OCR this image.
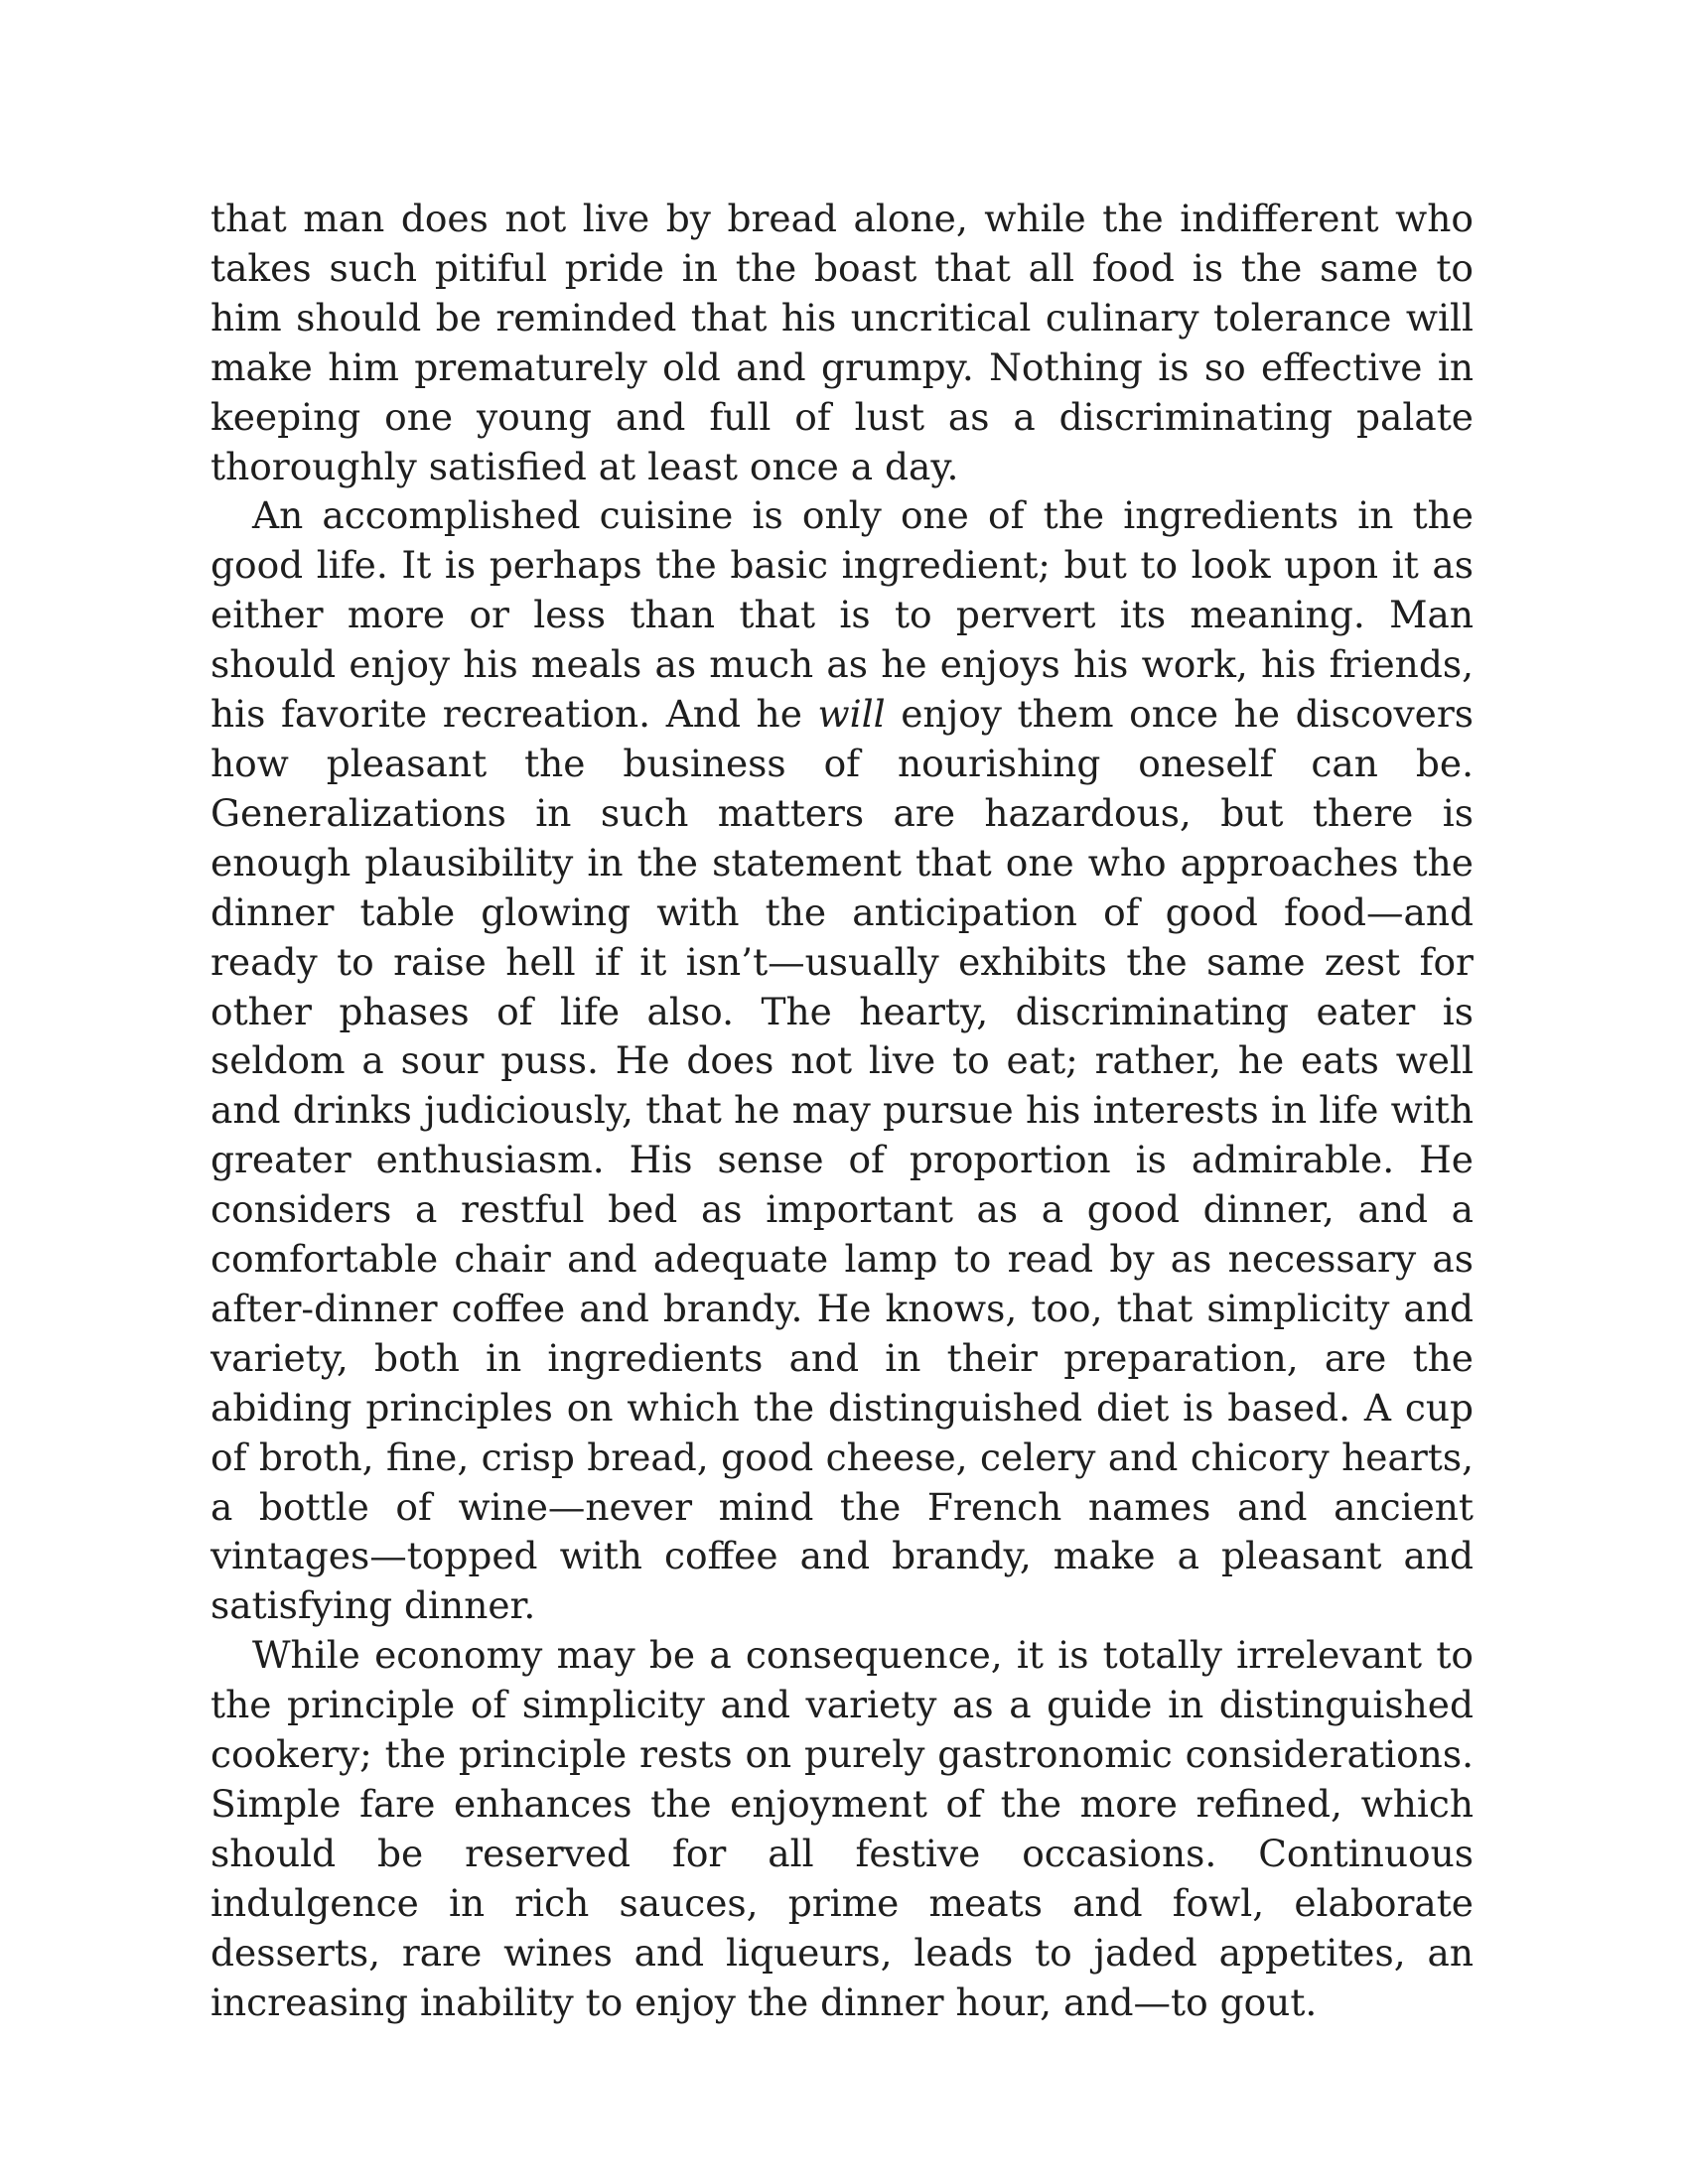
that man does not live by bread alone, while the indifferent who takes such pitiful pride in the boast that all food is the same to him should be reminded that his uncritical culinary tolerance will make him prematurely old and grumpy. Nothing is so effective in keeping one young and full of lust as a discriminating palate thoroughly satisfied at least once a day.

An accomplished cuisine is only one of the ingredients in the good life. It is perhaps the basic ingredient; but to look upon it as either more or less than that is to pervert its meaning. Man should enjoy his meals as much as he enjoys his work, his friends, his favorite recreation. And he will enjoy them once he discovers how pleasant the business of nourishing oneself can be. Generalizations in such matters are hazardous, but there is enough plausibility in the statement that one who approaches the dinner table glowing with the anticipation of good food—and ready to raise hell if it isn’t—usually exhibits the same zest for other phases of life also. The hearty, discriminating eater is seldom a sour puss. He does not live to eat; rather, he eats well and drinks judiciously, that he may pursue his interests in life with greater enthusiasm. His sense of proportion is admirable. He considers a restful bed as important as a good dinner, and a comfortable chair and adequate lamp to read by as necessary as after-dinner coffee and brandy. He knows, too, that simplicity and variety, both in ingredients and in their preparation, are the abiding principles on which the distinguished diet is based. A cup of broth, fine, crisp bread, good cheese, celery and chicory hearts, a bottle of wine—never mind the French names and ancient vintages—topped with coffee and brandy, make a pleasant and satisfying dinner.

While economy may be a consequence, it is totally irrelevant to the principle of simplicity and variety as a guide in distinguished cookery; the principle rests on purely gastronomic considerations. Simple fare enhances the enjoyment of the more refined, which should be reserved for all festive occasions. Continuous indulgence in rich sauces, prime meats and fowl, elaborate desserts, rare wines and liqueurs, leads to jaded appetites, an increasing inability to enjoy the dinner hour, and—to gout.
